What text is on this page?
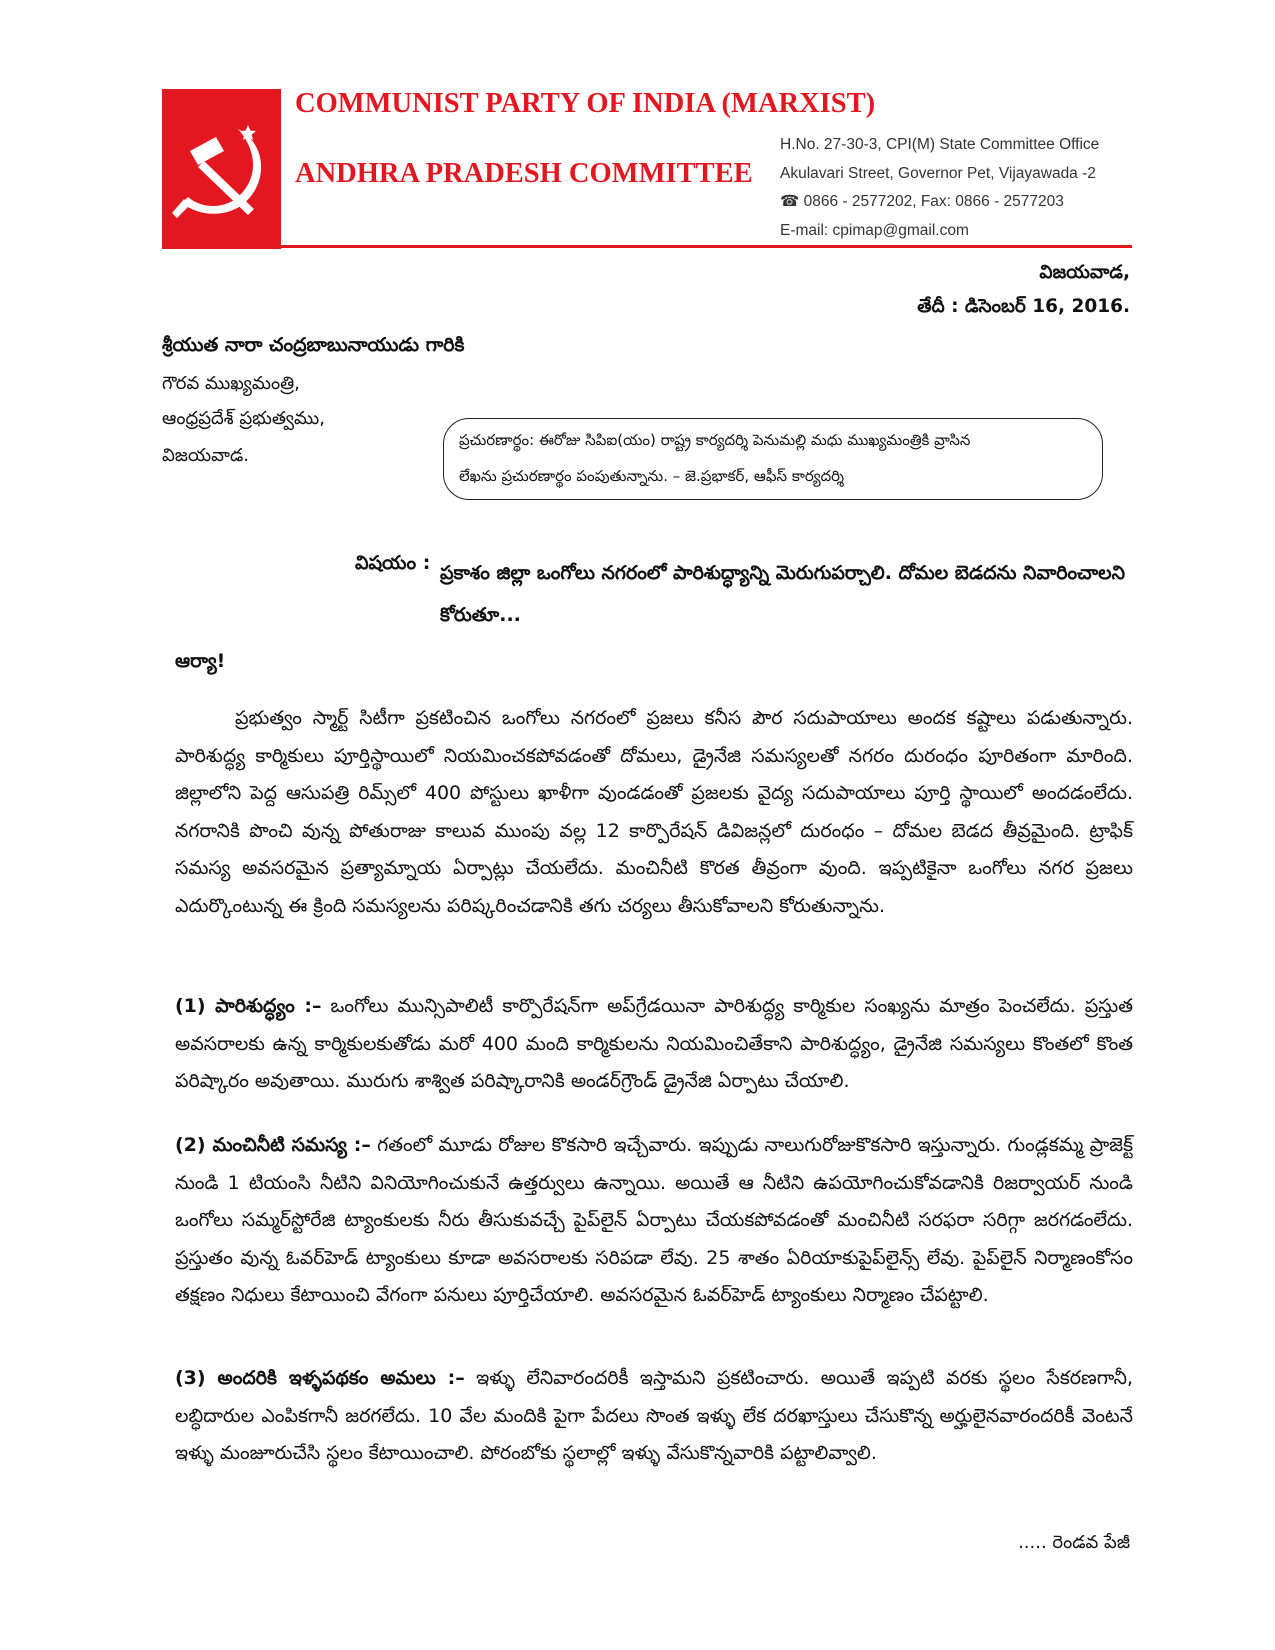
COMMUNIST PARTY OF INDIA (MARXIST)
ANDHRA PRADESH COMMITTEE
H.No. 27-30-3, CPI(M) State Committee Office
Akulavari Street, Governor Pet, Vijayawada -2
☎ 0866 - 2577202, Fax: 0866 - 2577203
E-mail: cpimap@gmail.com
విజయవాడ,
తేదీ : డిసెంబర్‌ 16, 2016.
శ్రీయుత నారా చంద్రబాబునాయుడు గారికి
గౌరవ ముఖ్యమంత్రి,
ఆంధ్రప్రదేశ్‌ ప్రభుత్వము,
విజయవాడ.
ప్రచురణార్థం: ఈరోజు సిపిఐ(యం) రాష్ట్ర కార్యదర్శి పెనుమల్లి మధు ముఖ్యమంత్రికి వ్రాసిన
లేఖను ప్రచురణార్థం పంపుతున్నాను. – జె.ప్రభాకర్‌, ఆఫీస్‌ కార్యదర్శి
విషయం : ప్రకాశం జిల్లా ఒంగోలు నగరంలో పారిశుద్ధ్యాన్ని మెరుగుపర్చాలి. దోమల బెడదను నివారించాలని కోరుతూ...
ఆర్యా!
ప్రభుత్వం స్మార్ట్‌ సిటీగా ప్రకటించిన ఒంగోలు నగరంలో ప్రజలు కనీస పౌర సదుపాయాలు అందక కష్టాలు పడుతున్నారు. పారిశుద్ధ్య కార్మికులు పూర్తిస్థాయిలో నియమించకపోవడంతో దోమలు, డ్రైనేజి సమస్యలతో నగరం దురంధం పూరితంగా మారింది. జిల్లాలోని పెద్ద ఆసుపత్రి రిమ్స్‌లో 400 పోస్టులు ఖాళీగా వుండడంతో ప్రజలకు వైద్య సదుపాయాలు పూర్తి స్థాయిలో అందడంలేదు. నగరానికి పొంచి వున్న పోతురాజు కాలువ ముంపు వల్ల 12 కార్పొరేషన్‌ డివిజన్లలో దురంధం – దోమల బెడద తీవ్రమైంది. ట్రాఫిక్‌ సమస్య అవసరమైన ప్రత్యామ్నాయ ఏర్పాట్లు చేయలేదు. మంచినీటి కొరత తీవ్రంగా వుంది. ఇప్పటికైనా ఒంగోలు నగర ప్రజలు ఎదుర్కొంటున్న ఈ క్రింది సమస్యలను పరిష్కరించడానికి తగు చర్యలు తీసుకోవాలని కోరుతున్నాను.
(1) పారిశుద్ధ్యం :– ఒంగోలు మున్సిపాలిటీ కార్పొరేషన్‌గా అప్‌గ్రేడయినా పారిశుద్ధ్య కార్మికుల సంఖ్యను మాత్రం పెంచలేదు. ప్రస్తుత అవసరాలకు ఉన్న కార్మికులకుతోడు మరో 400 మంది కార్మికులను నియమించితేకాని పారిశుద్ధ్యం, డ్రైనేజి సమస్యలు కొంతలో కొంత పరిష్కారం అవుతాయి. మురుగు శాశ్విత పరిష్కారానికి అండర్‌గ్రౌండ్‌ డ్రైనేజి ఏర్పాటు చేయాలి.
(2) మంచినీటి సమస్య :– గతంలో మూడు రోజుల కొకసారి ఇచ్చేవారు. ఇప్పుడు నాలుగురోజుకొకసారి ఇస్తున్నారు. గుండ్లకమ్మ ప్రాజెక్ట్‌ నుండి 1 టియంసి నీటిని వినియోగించుకునే ఉత్తర్వులు ఉన్నాయి. అయితే ఆ నీటిని ఉపయోగించుకోవడానికి రిజర్వాయర్‌ నుండి ఒంగోలు సమ్మర్‌స్టోరేజి ట్యాంకులకు నీరు తీసుకువచ్చే పైప్‌లైన్‌ ఏర్పాటు చేయకపోవడంతో మంచినీటి సరఫరా సరిగ్గా జరగడంలేదు. ప్రస్తుతం వున్న ఓవర్‌హెడ్‌ ట్యాంకులు కూడా అవసరాలకు సరిపడా లేవు. 25 శాతం ఏరియాకుపైప్‌లైన్స్‌ లేవు. పైప్‌లైన్‌ నిర్మాణంకోసం తక్షణం నిధులు కేటాయించి వేగంగా పనులు పూర్తిచేయాలి. అవసరమైన ఓవర్‌హెడ్‌ ట్యాంకులు నిర్మాణం చేపట్టాలి.
(3) అందరికి ఇళ్ళపథకం అమలు :– ఇళ్ళు లేనివారందరికీ ఇస్తామని ప్రకటించారు. అయితే ఇప్పటి వరకు స్థలం సేకరణగానీ, లబ్ధిదారుల ఎంపికగానీ జరగలేదు. 10 వేల మందికి పైగా పేదలు సొంత ఇళ్ళు లేక దరఖాస్తులు చేసుకొన్న అర్హులైనవారందరికీ వెంటనే ఇళ్ళు మంజూరుచేసి స్థలం కేటాయించాలి. పోరంబోకు స్థలాల్లో ఇళ్ళు వేసుకొన్నవారికి పట్టాలివ్వాలి.
..... రెండవ పేజీ
